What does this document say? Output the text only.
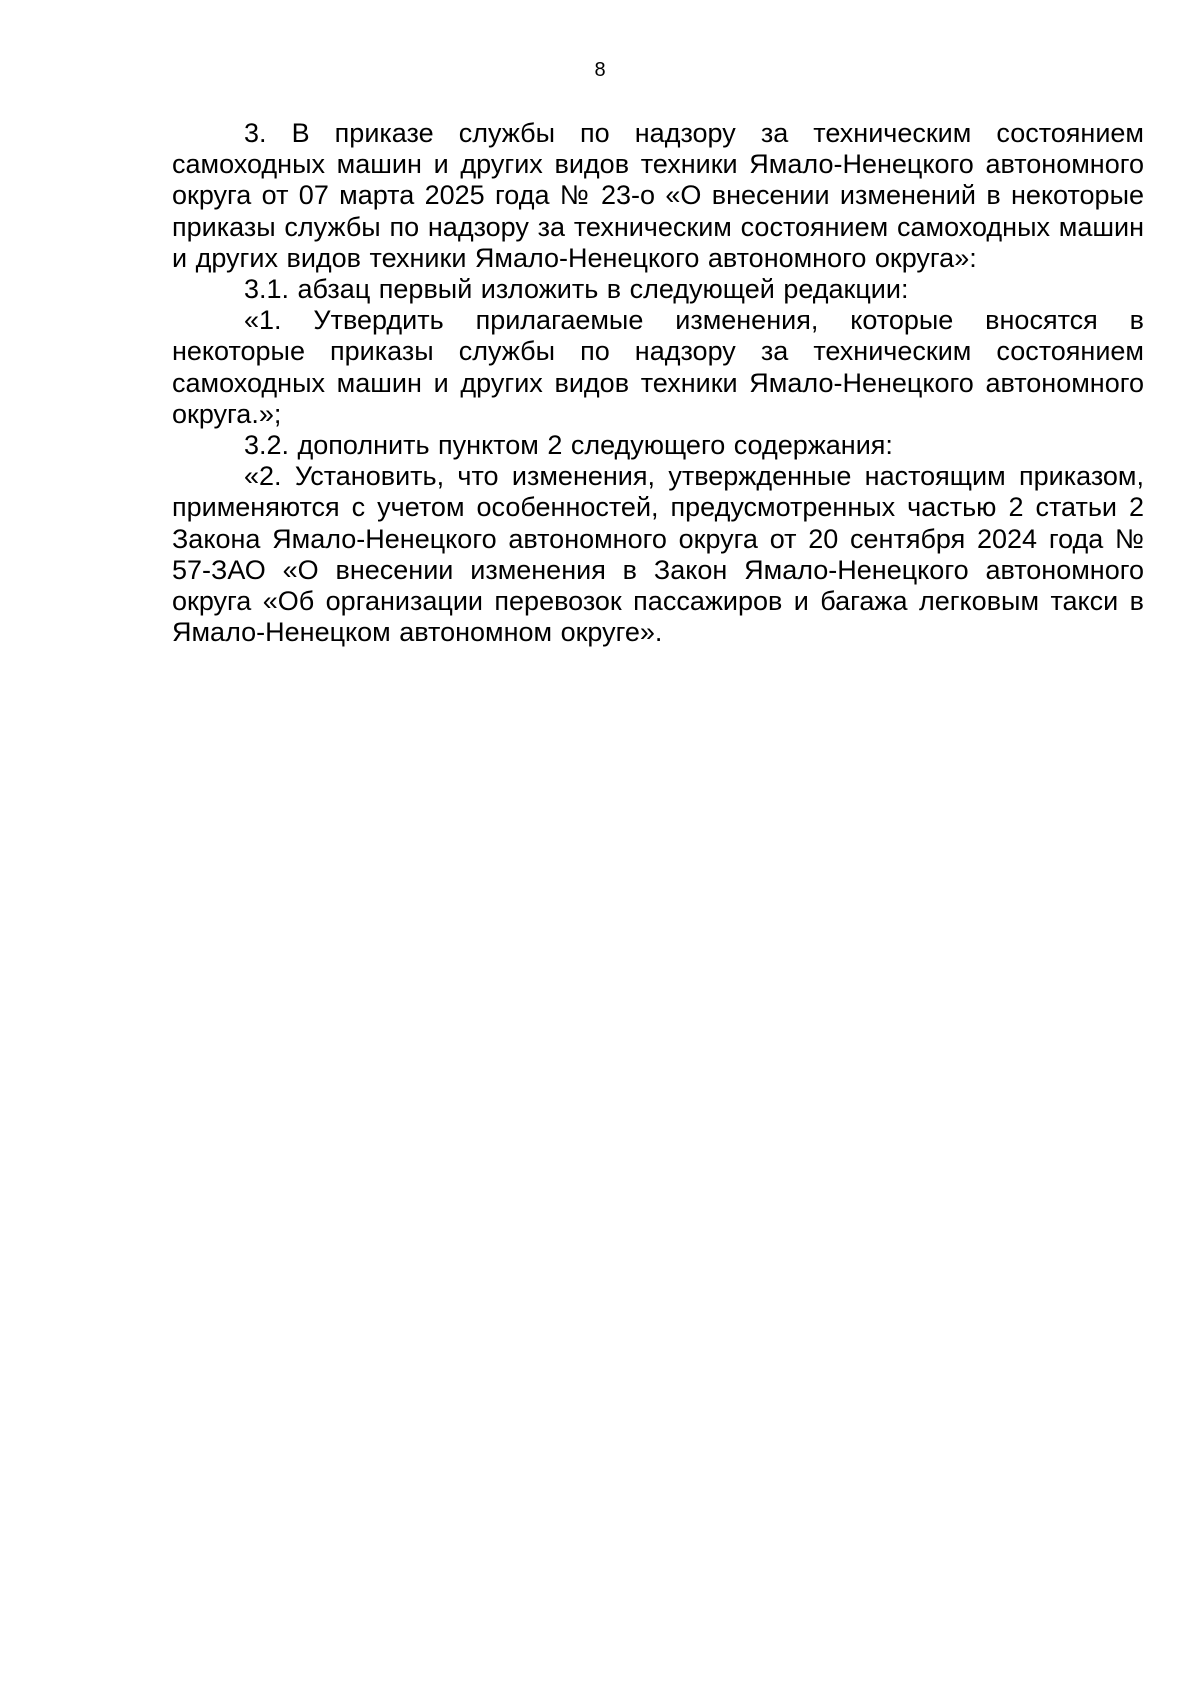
8

3. В приказе службы по надзору за техническим состоянием самоходных машин и других видов техники Ямало-Ненецкого автономного округа от 07 марта 2025 года № 23-о «О внесении изменений в некоторые приказы службы по надзору за техническим состоянием самоходных машин и других видов техники Ямало-Ненецкого автономного округа»:

3.1. абзац первый изложить в следующей редакции:

«1. Утвердить прилагаемые изменения, которые вносятся в некоторые приказы службы по надзору за техническим состоянием самоходных машин и других видов техники Ямало-Ненецкого автономного округа.»;

3.2. дополнить пунктом 2 следующего содержания:

«2. Установить, что изменения, утвержденные настоящим приказом, применяются с учетом особенностей, предусмотренных частью 2 статьи 2 Закона Ямало-Ненецкого автономного округа от 20 сентября 2024 года № 57-ЗАО «О внесении изменения в Закон Ямало-Ненецкого автономного округа «Об организации перевозок пассажиров и багажа легковым такси в Ямало-Ненецком автономном округе».
